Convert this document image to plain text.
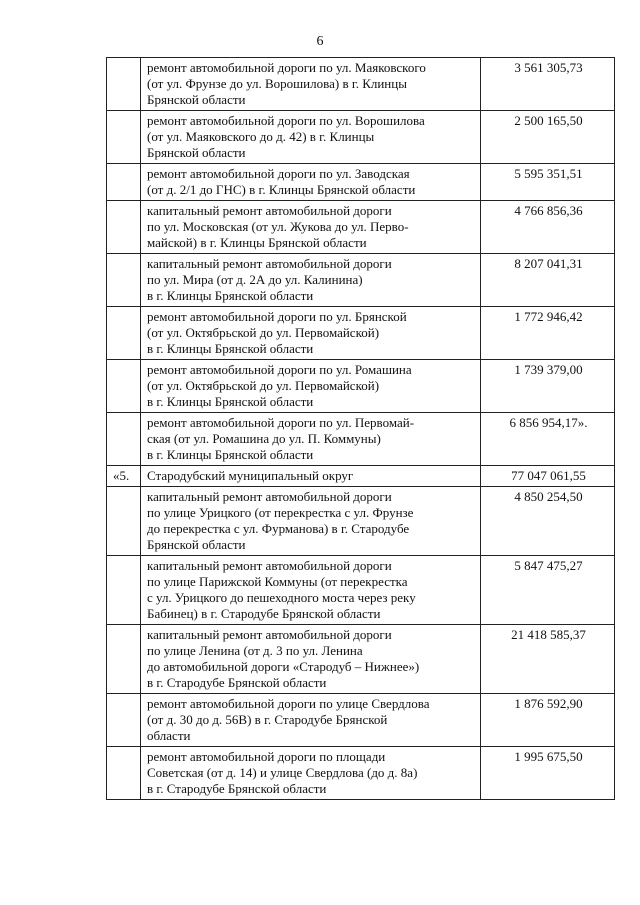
6

	ремонт автомобильной дороги по ул. Маяковского
(от ул. Фрунзе до ул. Ворошилова) в г. Клинцы
Брянской области	3 561 305,73

	ремонт автомобильной дороги по ул. Ворошилова
(от ул. Маяковского до д. 42) в г. Клинцы
Брянской области	2 500 165,50

	ремонт автомобильной дороги по ул. Заводская
(от д. 2/1 до ГНС) в г. Клинцы Брянской области	5 595 351,51

	капитальный ремонт автомобильной дороги
по ул. Московская (от ул. Жукова до ул. Перво-
майской) в г. Клинцы Брянской области	4 766 856,36

	капитальный ремонт автомобильной дороги
по ул. Мира (от д. 2А до ул. Калинина)
в г. Клинцы Брянской области	8 207 041,31

	ремонт автомобильной дороги по ул. Брянской
(от ул. Октябрьской до ул. Первомайской)
в г. Клинцы Брянской области	1 772 946,42

	ремонт автомобильной дороги по ул. Ромашина
(от ул. Октябрьской до ул. Первомайской)
в г. Клинцы Брянской области	1 739 379,00

	ремонт автомобильной дороги по ул. Первомай-
ская (от ул. Ромашина до ул. П. Коммуны)
в г. Клинцы Брянской области	6 856 954,17».
«5.	Стародубский муниципальный округ	77 047 061,55

	капитальный ремонт автомобильной дороги
по улице Урицкого (от перекрестка с ул. Фрунзе
до перекрестка с ул. Фурманова) в г. Стародубе
Брянской области	4 850 254,50

	капитальный ремонт автомобильной дороги
по улице Парижской Коммуны (от перекрестка
с ул. Урицкого до пешеходного моста через реку
Бабинец) в г. Стародубе Брянской области	5 847 475,27

	капитальный ремонт автомобильной дороги
по улице Ленина (от д. 3 по ул. Ленина
до автомобильной дороги «Стародуб – Нижнее»)
в г. Стародубе Брянской области	21 418 585,37

	ремонт автомобильной дороги по улице Свердлова
(от д. 30 до д. 56В) в г. Стародубе Брянской
области	1 876 592,90

	ремонт автомобильной дороги по площади
Советская (от д. 14) и улице Свердлова (до д. 8а)
в г. Стародубе Брянской области	1 995 675,50
